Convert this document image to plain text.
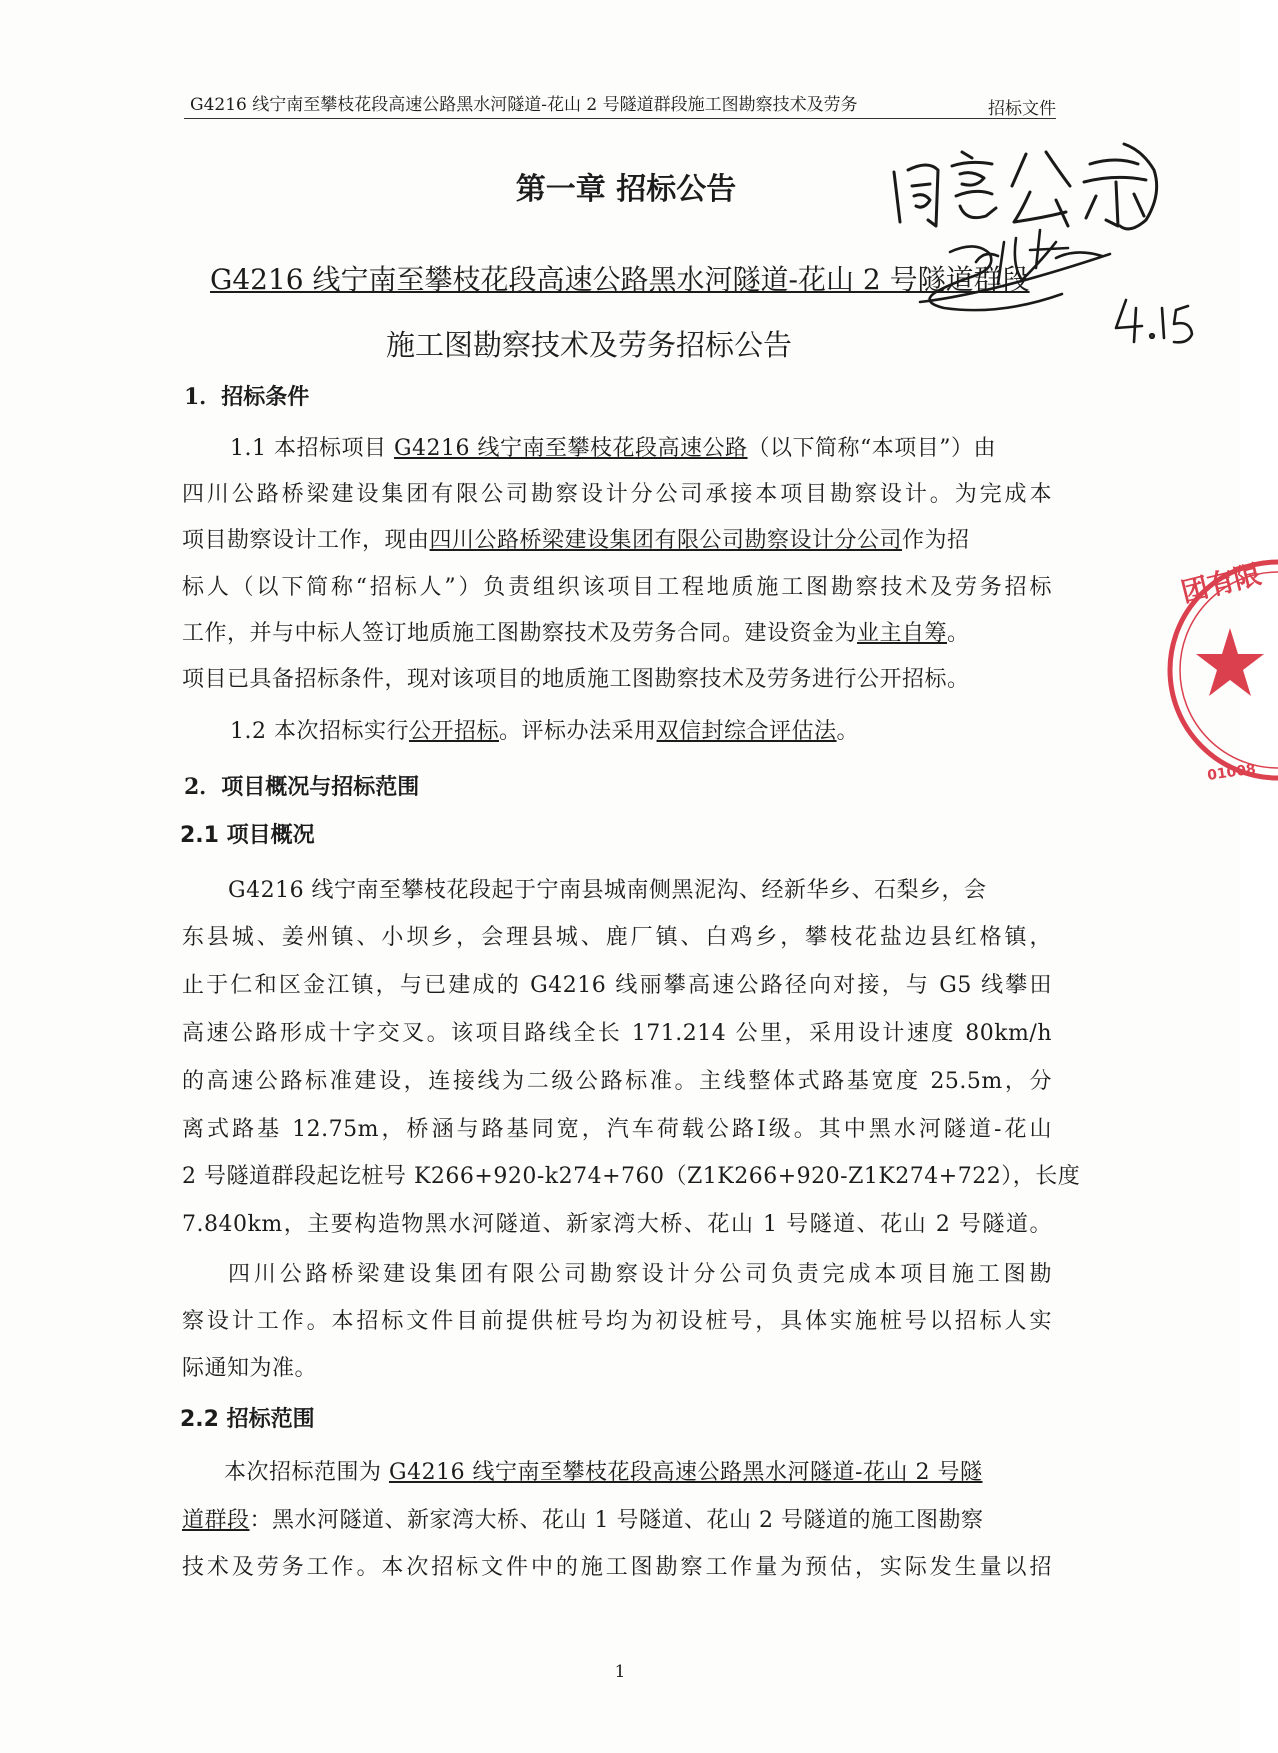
G4216 线宁南至攀枝花段高速公路黑水河隧道-花山 2 号隧道群段施工图勘察技术及劳务	招标文件
第一章 招标公告
G4216 线宁南至攀枝花段高速公路黑水河隧道-花山 2 号隧道群段
施工图勘察技术及劳务招标公告
1．招标条件
1.1 本招标项目 G4216 线宁南至攀枝花段高速公路（以下简称“本项目”）由
四川公路桥梁建设集团有限公司勘察设计分公司承接本项目勘察设计。为完成本
项目勘察设计工作，现由四川公路桥梁建设集团有限公司勘察设计分公司作为招
标人（以下简称“招标人”）负责组织该项目工程地质施工图勘察技术及劳务招标
工作，并与中标人签订地质施工图勘察技术及劳务合同。建设资金为业主自筹。
项目已具备招标条件，现对该项目的地质施工图勘察技术及劳务进行公开招标。
1.2 本次招标实行公开招标。评标办法采用双信封综合评估法。
2．项目概况与招标范围
2.1 项目概况
G4216 线宁南至攀枝花段起于宁南县城南侧黑泥沟、经新华乡、石梨乡，会
东县城、姜州镇、小坝乡，会理县城、鹿厂镇、白鸡乡，攀枝花盐边县红格镇，
止于仁和区金江镇，与已建成的 G4216 线丽攀高速公路径向对接，与 G5 线攀田
高速公路形成十字交叉。该项目路线全长 171.214 公里，采用设计速度 80km/h
的高速公路标准建设，连接线为二级公路标准。主线整体式路基宽度 25.5m，分
离式路基 12.75m，桥涵与路基同宽，汽车荷载公路Ⅰ级。其中黑水河隧道-花山
2 号隧道群段起讫桩号 K266+920-k274+760（Z1K266+920-Z1K274+722），长度
7.840km，主要构造物黑水河隧道、新家湾大桥、花山 1 号隧道、花山 2 号隧道。
四川公路桥梁建设集团有限公司勘察设计分公司负责完成本项目施工图勘
察设计工作。本招标文件目前提供桩号均为初设桩号，具体实施桩号以招标人实
际通知为准。
2.2 招标范围
本次招标范围为 G4216 线宁南至攀枝花段高速公路黑水河隧道-花山 2 号隧
道群段：黑水河隧道、新家湾大桥、花山 1 号隧道、花山 2 号隧道的施工图勘察
技术及劳务工作。本次招标文件中的施工图勘察工作量为预估，实际发生量以招
1
团有限
01008
